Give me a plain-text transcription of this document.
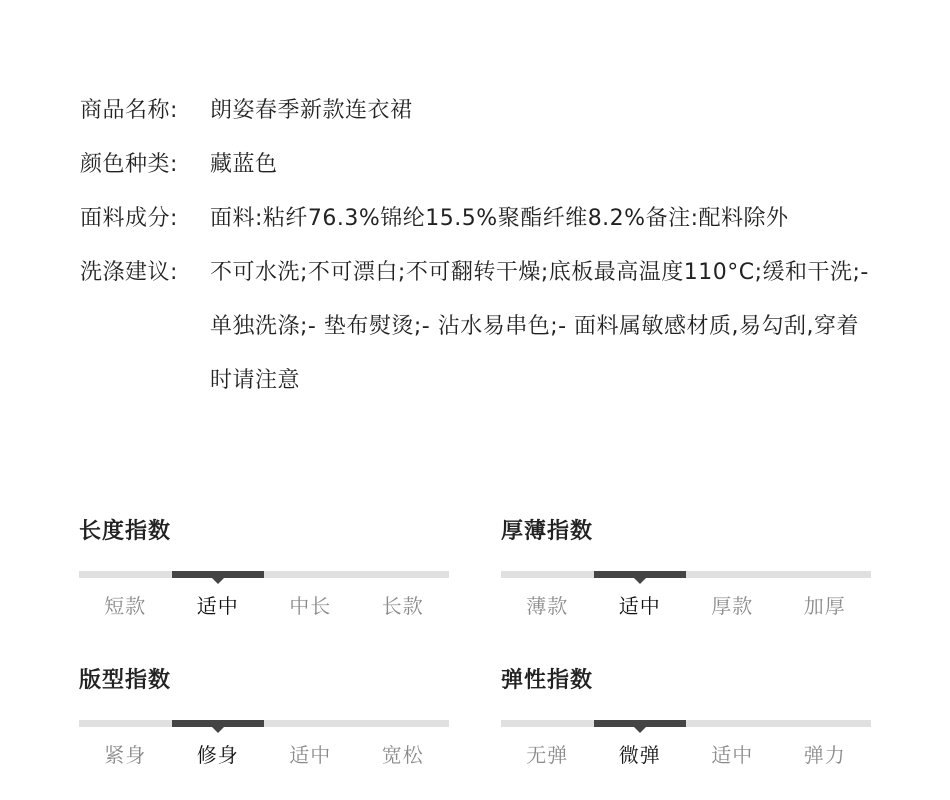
商品名称:	朗姿春季新款连衣裙
颜色种类:	藏蓝色
面料成分:	面料:粘纤76.3%锦纶15.5%聚酯纤维8.2%备注:配料除外
洗涤建议:	不可水洗;不可漂白;不可翻转干燥;底板最高温度110°C;缓和干洗;- 单独洗涤;- 垫布熨烫;- 沾水易串色;- 面料属敏感材质,易勾刮,穿着时请注意
长度指数
短款	适中	中长	长款
厚薄指数
薄款	适中	厚款	加厚
版型指数
紧身	修身	适中	宽松
弹性指数
无弹	微弹	适中	弹力
